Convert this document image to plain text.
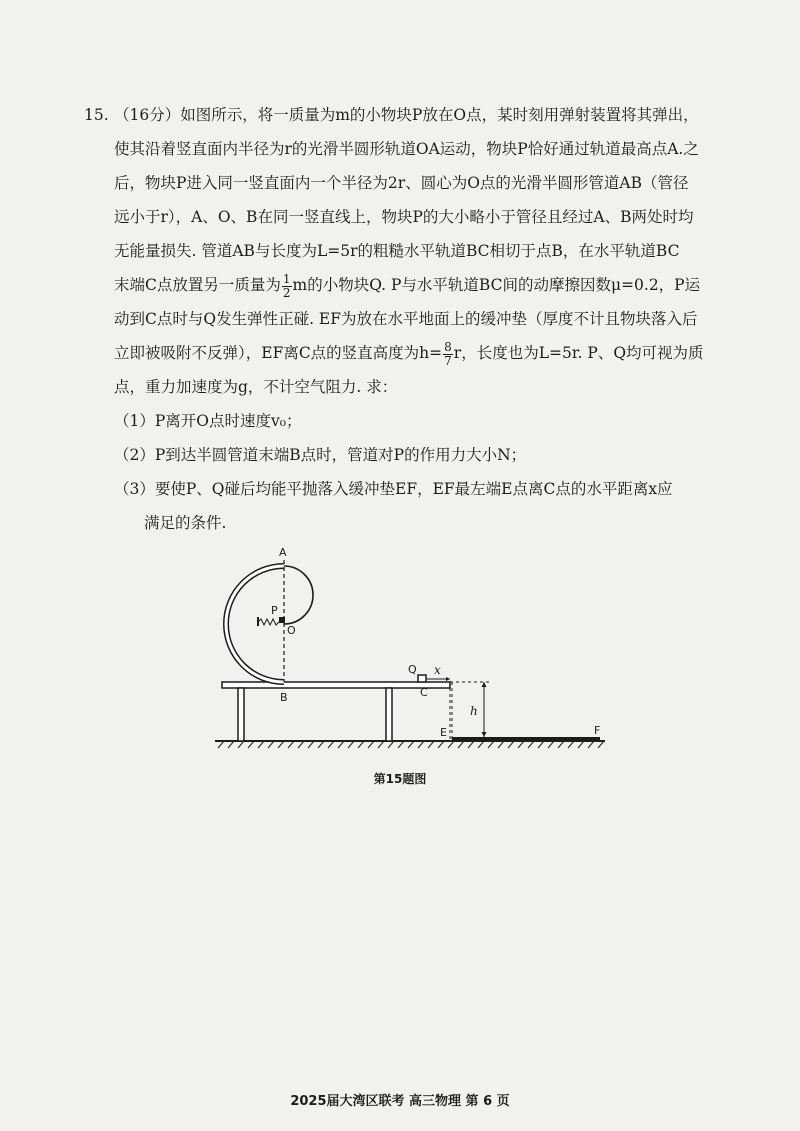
15. （16分）如图所示，将一质量为m的小物块P放在O点，某时刻用弹射装置将其弹出，
使其沿着竖直面内半径为r的光滑半圆形轨道OA运动，物块P恰好通过轨道最高点A.之
后，物块P进入同一竖直面内一个半径为2r、圆心为O点的光滑半圆形管道AB（管径
远小于r），A、O、B在同一竖直线上，物块P的大小略小于管径且经过A、B两处时均
无能量损失. 管道AB与长度为L=5r的粗糙水平轨道BC相切于点B，在水平轨道BC
末端C点放置另一质量为 $\frac{1}{2}$ m的小物块Q. P与水平轨道BC间的动摩擦因数μ=0.2，P运
动到C点时与Q发生弹性正碰. EF为放在水平地面上的缓冲垫（厚度不计且物块落入后
立即被吸附不反弹），EF离C点的竖直高度为$h= \frac{8}{7}$ r，长度也为L=5r. P、Q均可视为质
点，重力加速度为g，不计空气阻力. 求：
（1）P离开O点时速度v₀；
（2）P到达半圆管道末端B点时，管道对P的作用力大小N；
（3）要使P、Q碰后均能平抛落入缓冲垫EF，EF最左端E点离C点的水平距离x应
满足的条件.
A
P
O
B
Q
C
x
h
E	F
第15题图
2025届大湾区联考 高三物理 第 6 页
